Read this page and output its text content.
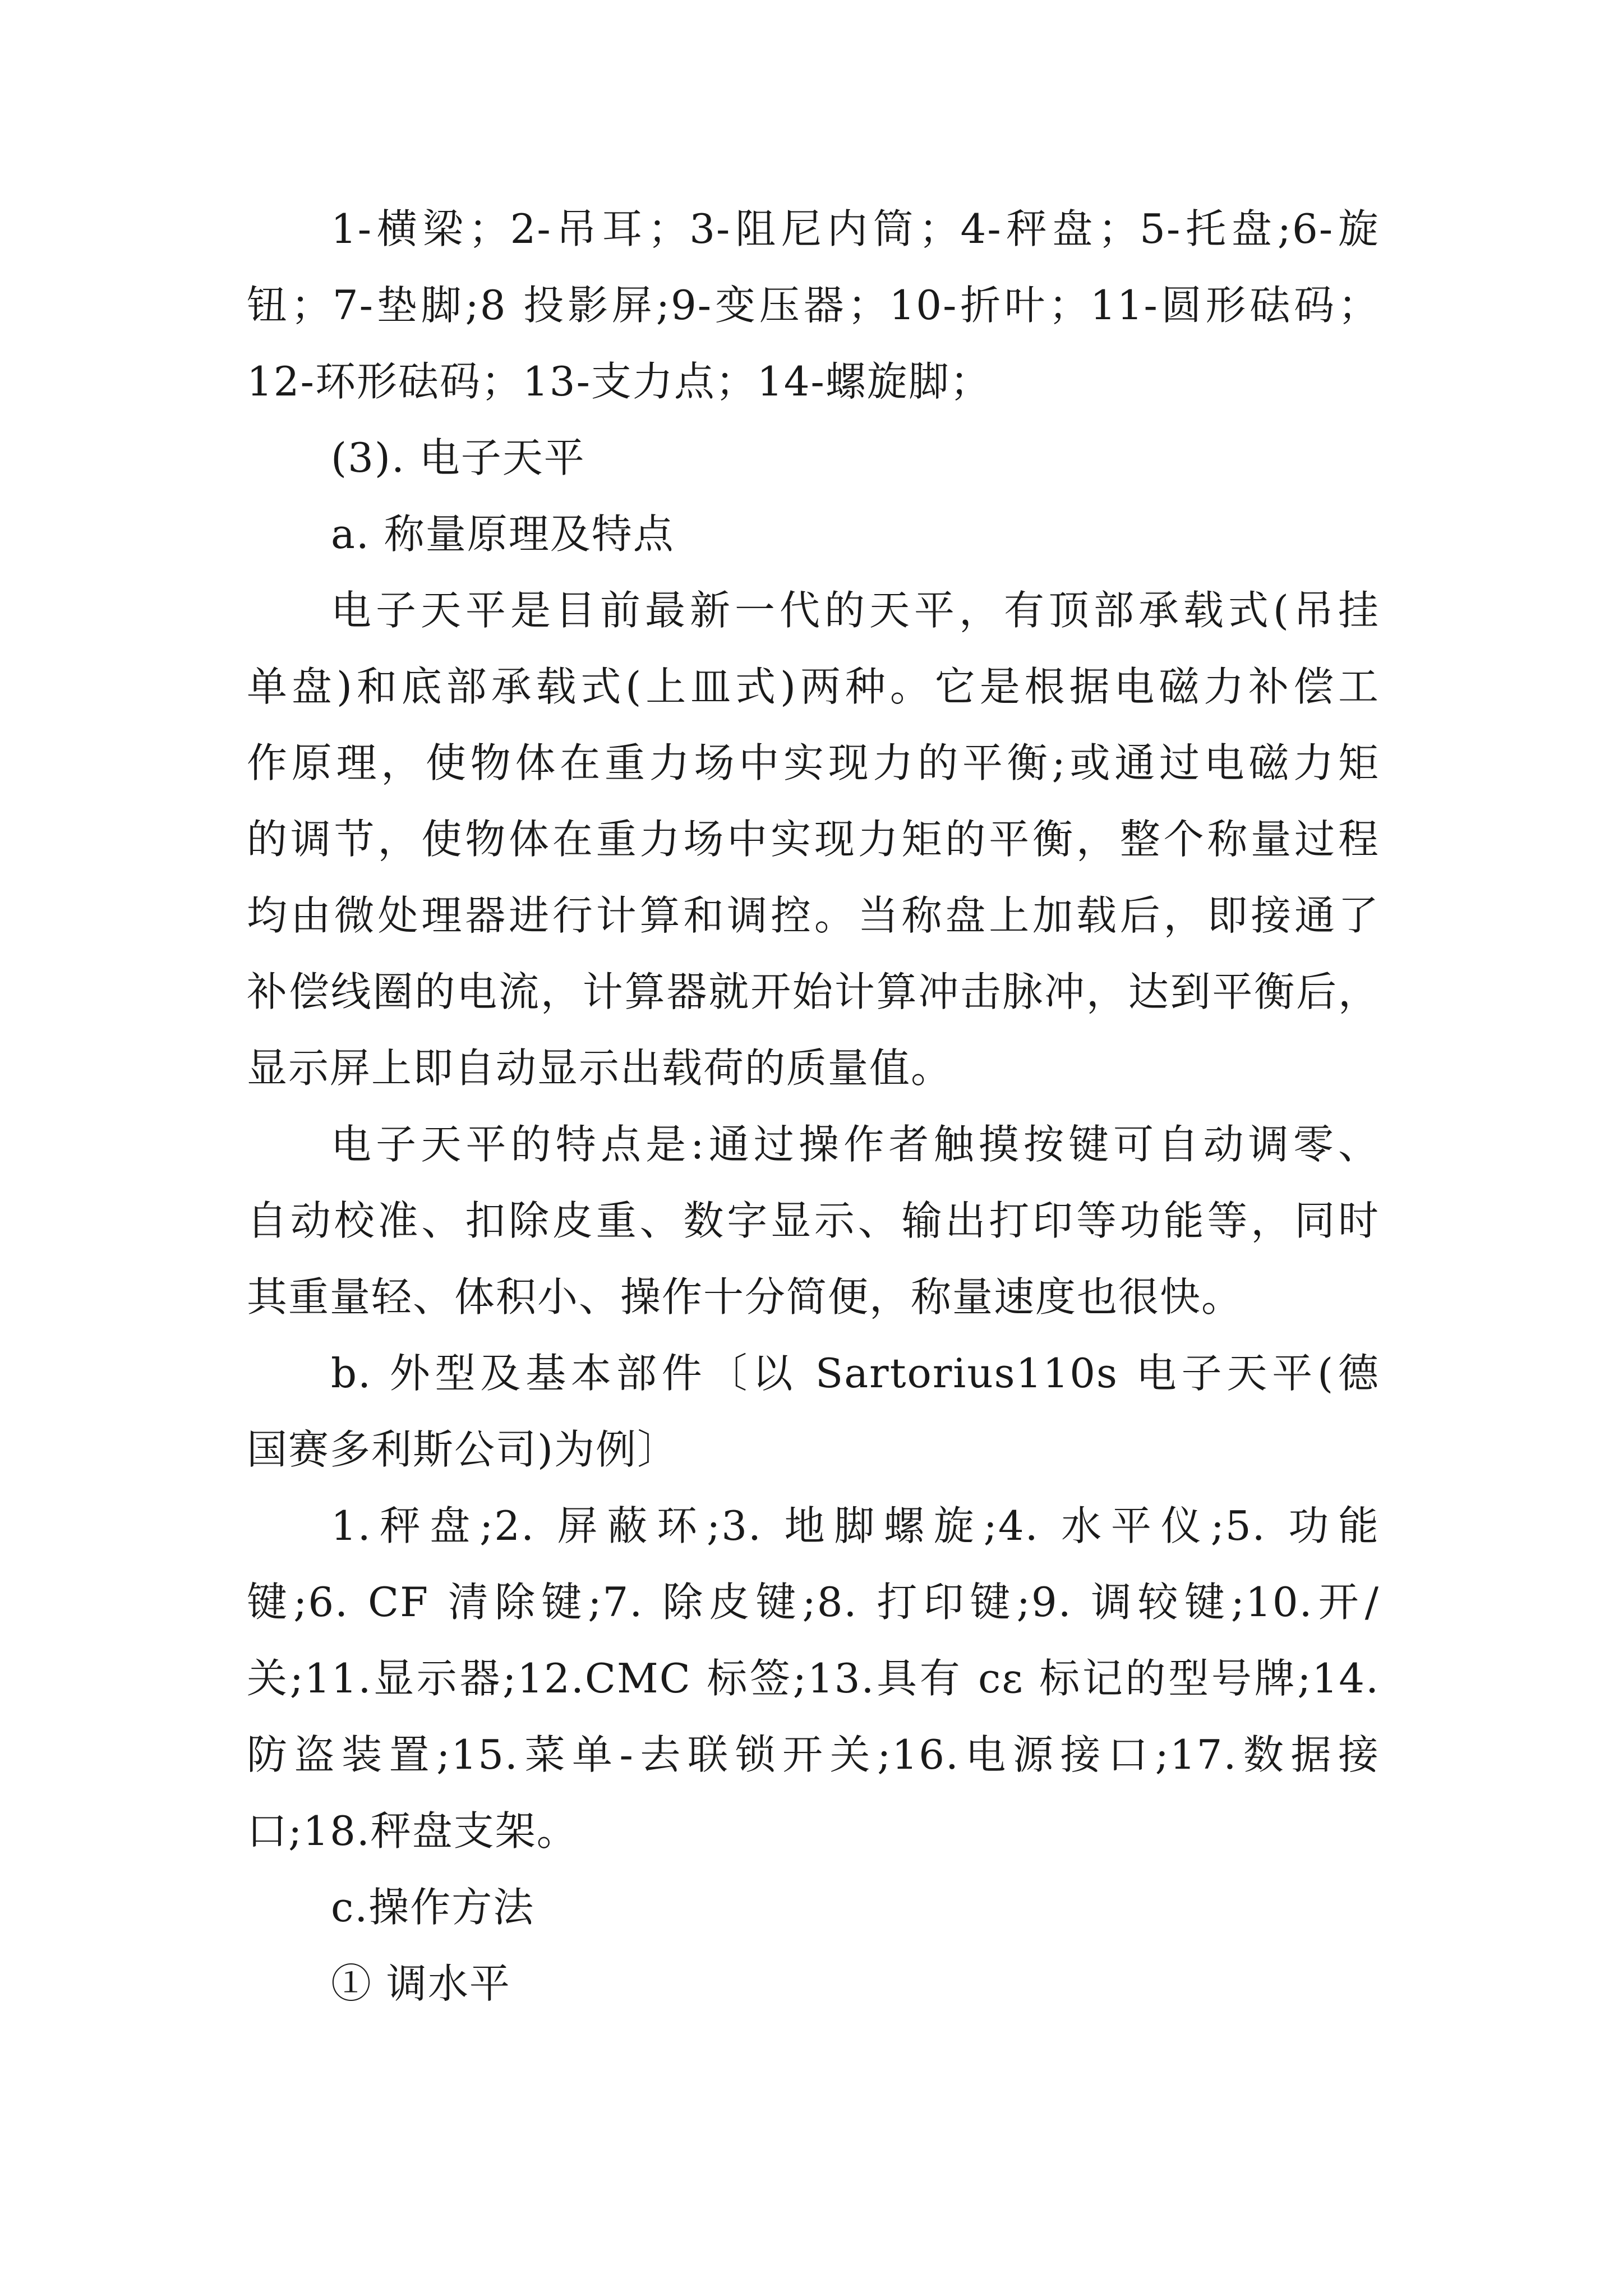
1-横梁；2-吊耳；3-阻尼内筒；4-秤盘；5-托盘;6-旋
钮；7-垫脚;8 投影屏;9-变压器；10-折叶；11-圆形砝码；
12-环形砝码；13-支力点；14-螺旋脚；
(3). 电子天平
a. 称量原理及特点
电子天平是目前最新一代的天平，有顶部承载式(吊挂
单盘)和底部承载式(上皿式)两种。它是根据电磁力补偿工
作原理，使物体在重力场中实现力的平衡;或通过电磁力矩
的调节，使物体在重力场中实现力矩的平衡，整个称量过程
均由微处理器进行计算和调控。当称盘上加载后，即接通了
补偿线圈的电流，计算器就开始计算冲击脉冲，达到平衡后，
显示屏上即自动显示出载荷的质量值。
电子天平的特点是:通过操作者触摸按键可自动调零、
自动校准、扣除皮重、数字显示、输出打印等功能等，同时
其重量轻、体积小、操作十分简便，称量速度也很快。
b. 外型及基本部件〔以 Sartorius110s 电子天平(德
国赛多利斯公司)为例〕
1.秤盘;2. 屏蔽环;3. 地脚螺旋;4. 水平仪;5. 功能
键;6. CF 清除键;7. 除皮键;8. 打印键;9. 调较键;10.开/
关;11.显示器;12.CMC 标签;13.具有 cε 标记的型号牌;14.
防盗装置;15.菜单-去联锁开关;16.电源接口;17.数据接
口;18.秤盘支架。
c.操作方法
① 调水平
